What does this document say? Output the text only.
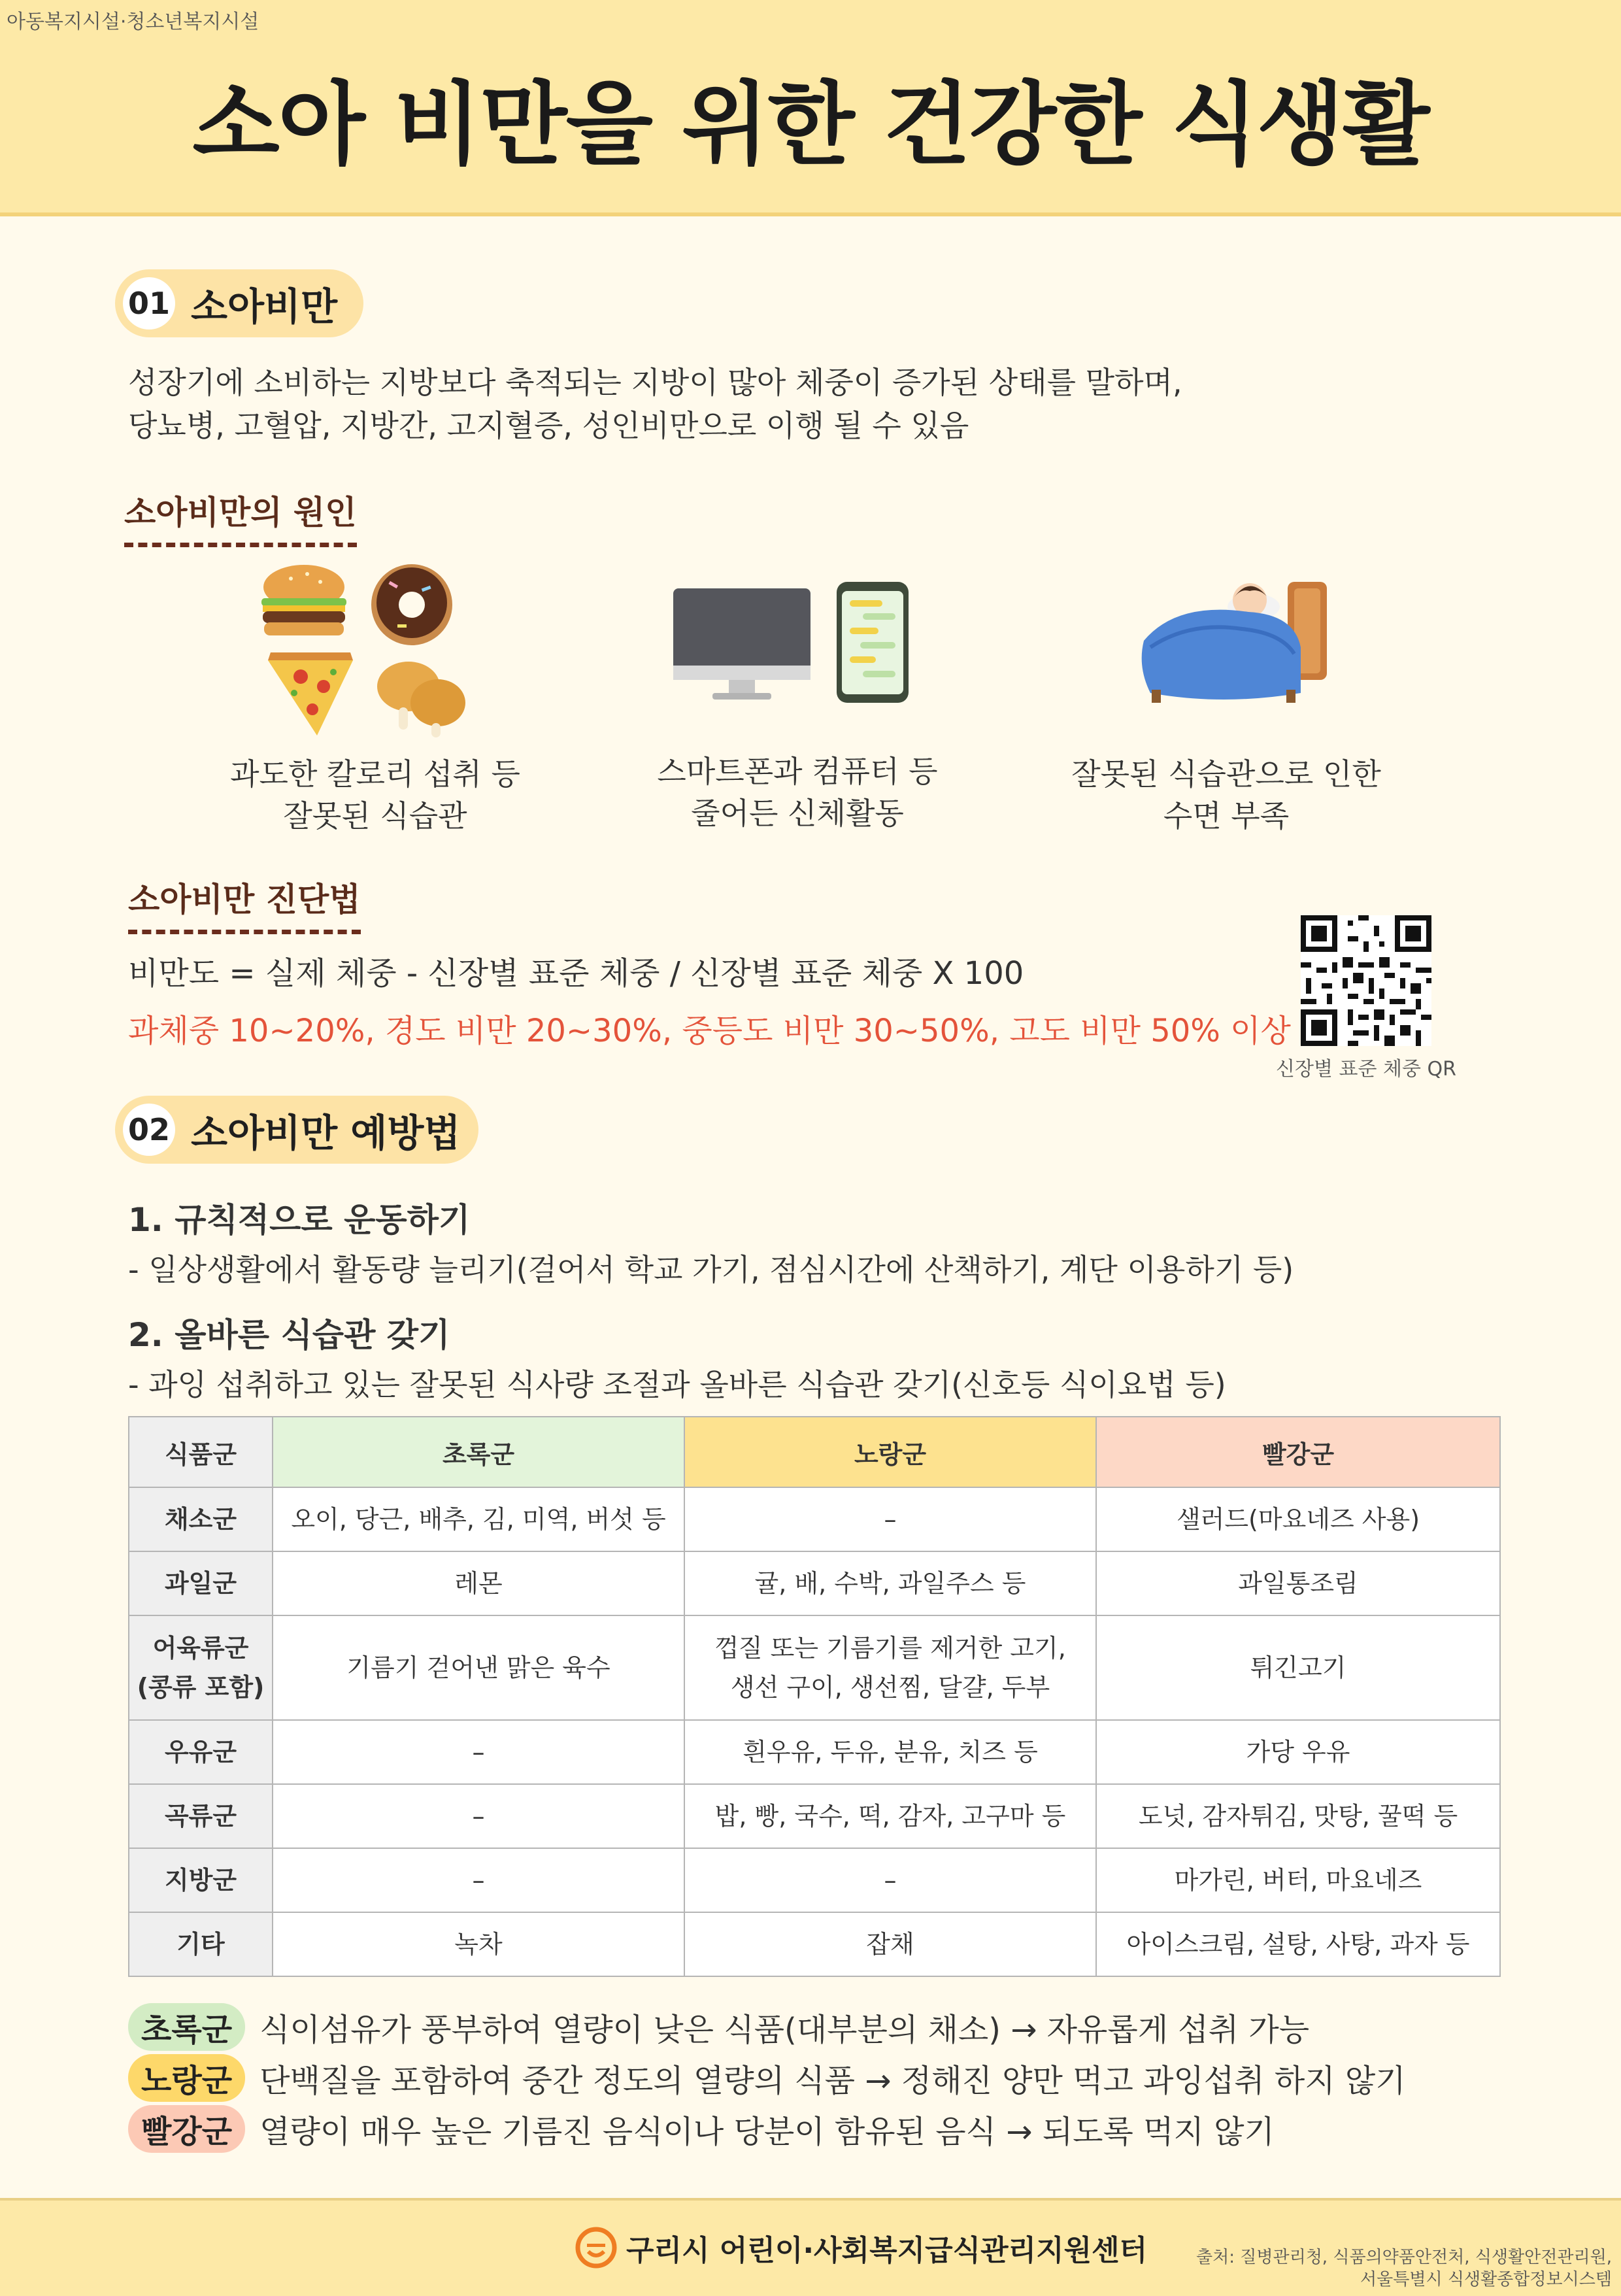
아동복지시설·청소년복지시설
소아 비만을 위한 건강한 식생활
01 소아비만
성장기에 소비하는 지방보다 축적되는 지방이 많아 체중이 증가된 상태를 말하며,
당뇨병, 고혈압, 지방간, 고지혈증, 성인비만으로 이행 될 수 있음
소아비만의 원인
과도한 칼로리 섭취 등
잘못된 식습관
스마트폰과 컴퓨터 등
줄어든 신체활동
잘못된 식습관으로 인한
수면 부족
소아비만 진단법
비만도 = 실제 체중 - 신장별 표준 체중 / 신장별 표준 체중 X 100
과체중 10~20%, 경도 비만 20~30%, 중등도 비만 30~50%, 고도 비만 50% 이상
신장별 표준 체중 QR
02 소아비만 예방법
1. 규칙적으로 운동하기
- 일상생활에서 활동량 늘리기(걸어서 학교 가기, 점심시간에 산책하기, 계단 이용하기 등)
2. 올바른 식습관 갖기
- 과잉 섭취하고 있는 잘못된 식사량 조절과 올바른 식습관 갖기(신호등 식이요법 등)
식품군	초록군	노랑군	빨강군
채소군	오이, 당근, 배추, 김, 미역, 버섯 등	–	샐러드(마요네즈 사용)
과일군	레몬	귤, 배, 수박, 과일주스 등	과일통조림
어육류군
(콩류 포함)	기름기 걷어낸 맑은 육수	껍질 또는 기름기를 제거한 고기,
생선 구이, 생선찜, 달걀, 두부	튀긴고기
우유군	–	흰우유, 두유, 분유, 치즈 등	가당 우유
곡류군	–	밥, 빵, 국수, 떡, 감자, 고구마 등	도넛, 감자튀김, 맛탕, 꿀떡 등
지방군	–	–	마가린, 버터, 마요네즈
기타	녹차	잡채	아이스크림, 설탕, 사탕, 과자 등
초록군 식이섬유가 풍부하여 열량이 낮은 식품(대부분의 채소) → 자유롭게 섭취 가능
노랑군 단백질을 포함하여 중간 정도의 열량의 식품 → 정해진 양만 먹고 과잉섭취 하지 않기
빨강군 열량이 매우 높은 기름진 음식이나 당분이 함유된 음식 → 되도록 먹지 않기
구리시 어린이·사회복지급식관리지원센터	출처: 질병관리청, 식품의약품안전처, 식생활안전관리원,
서울특별시 식생활종합정보시스템
